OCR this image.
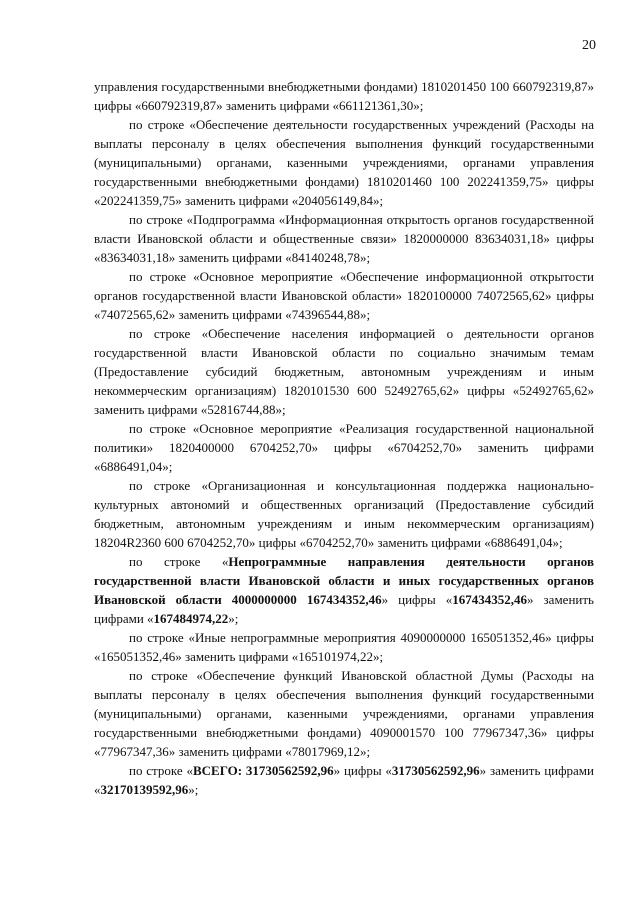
20

управления государственными внебюджетными фондами) 1810201450 100 660792319,87» цифры «660792319,87» заменить цифрами «661121361,30»;

по строке «Обеспечение деятельности государственных учреждений (Расходы на выплаты персоналу в целях обеспечения выполнения функций государственными (муниципальными) органами, казенными учреждениями, органами управления государственными внебюджетными фондами) 1810201460 100 202241359,75» цифры «202241359,75» заменить цифрами «204056149,84»;

по строке «Подпрограмма «Информационная открытость органов государственной власти Ивановской области и общественные связи» 1820000000 83634031,18» цифры «83634031,18» заменить цифрами «84140248,78»;

по строке «Основное мероприятие «Обеспечение информационной открытости органов государственной власти Ивановской области» 1820100000 74072565,62» цифры «74072565,62» заменить цифрами «74396544,88»;

по строке «Обеспечение населения информацией о деятельности органов государственной власти Ивановской области по социально значимым темам (Предоставление субсидий бюджетным, автономным учреждениям и иным некоммерческим организациям) 1820101530 600 52492765,62» цифры «52492765,62» заменить цифрами «52816744,88»;

по строке «Основное мероприятие «Реализация государственной национальной политики» 1820400000 6704252,70» цифры «6704252,70» заменить цифрами «6886491,04»;

по строке «Организационная и консультационная поддержка национально-культурных автономий и общественных организаций (Предоставление субсидий бюджетным, автономным учреждениям и иным некоммерческим организациям) 18204R2360 600 6704252,70» цифры «6704252,70» заменить цифрами «6886491,04»;

по строке «Непрограммные направления деятельности органов государственной власти Ивановской области и иных государственных органов Ивановской области 4000000000 167434352,46» цифры «167434352,46» заменить цифрами «167484974,22»;

по строке «Иные непрограммные мероприятия 4090000000 165051352,46» цифры «165051352,46» заменить цифрами «165101974,22»;

по строке «Обеспечение функций Ивановской областной Думы (Расходы на выплаты персоналу в целях обеспечения выполнения функций государственными (муниципальными) органами, казенными учреждениями, органами управления государственными внебюджетными фондами) 4090001570 100 77967347,36» цифры «77967347,36» заменить цифрами «78017969,12»;

по строке «ВСЕГО: 31730562592,96» цифры «31730562592,96» заменить цифрами «32170139592,96»;
